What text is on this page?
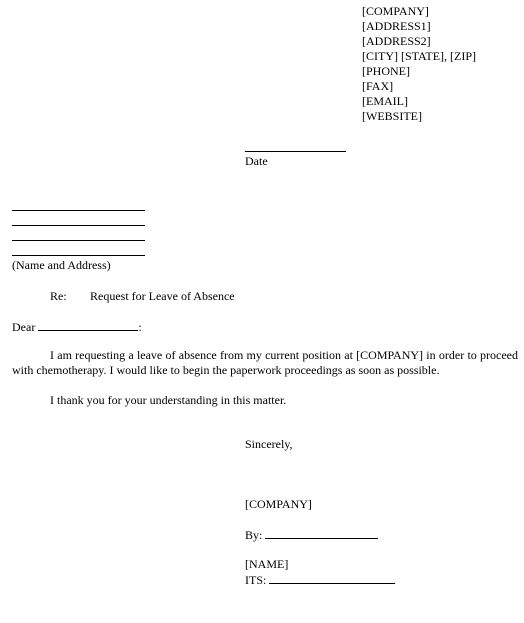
[COMPANY]
[ADDRESS1]
[ADDRESS2]
[CITY] [STATE], [ZIP]
[PHONE]
[FAX]
[EMAIL]
[WEBSITE]
Date
(Name and Address)
Re: Request for Leave of Absence
Dear	:
I am requesting a leave of absence from my current position at [COMPANY] in order to proceed with chemotherapy. I would like to begin the paperwork proceedings as soon as possible.
I thank you for your understanding in this matter.
Sincerely,
[COMPANY]
By:
[NAME]
ITS:
